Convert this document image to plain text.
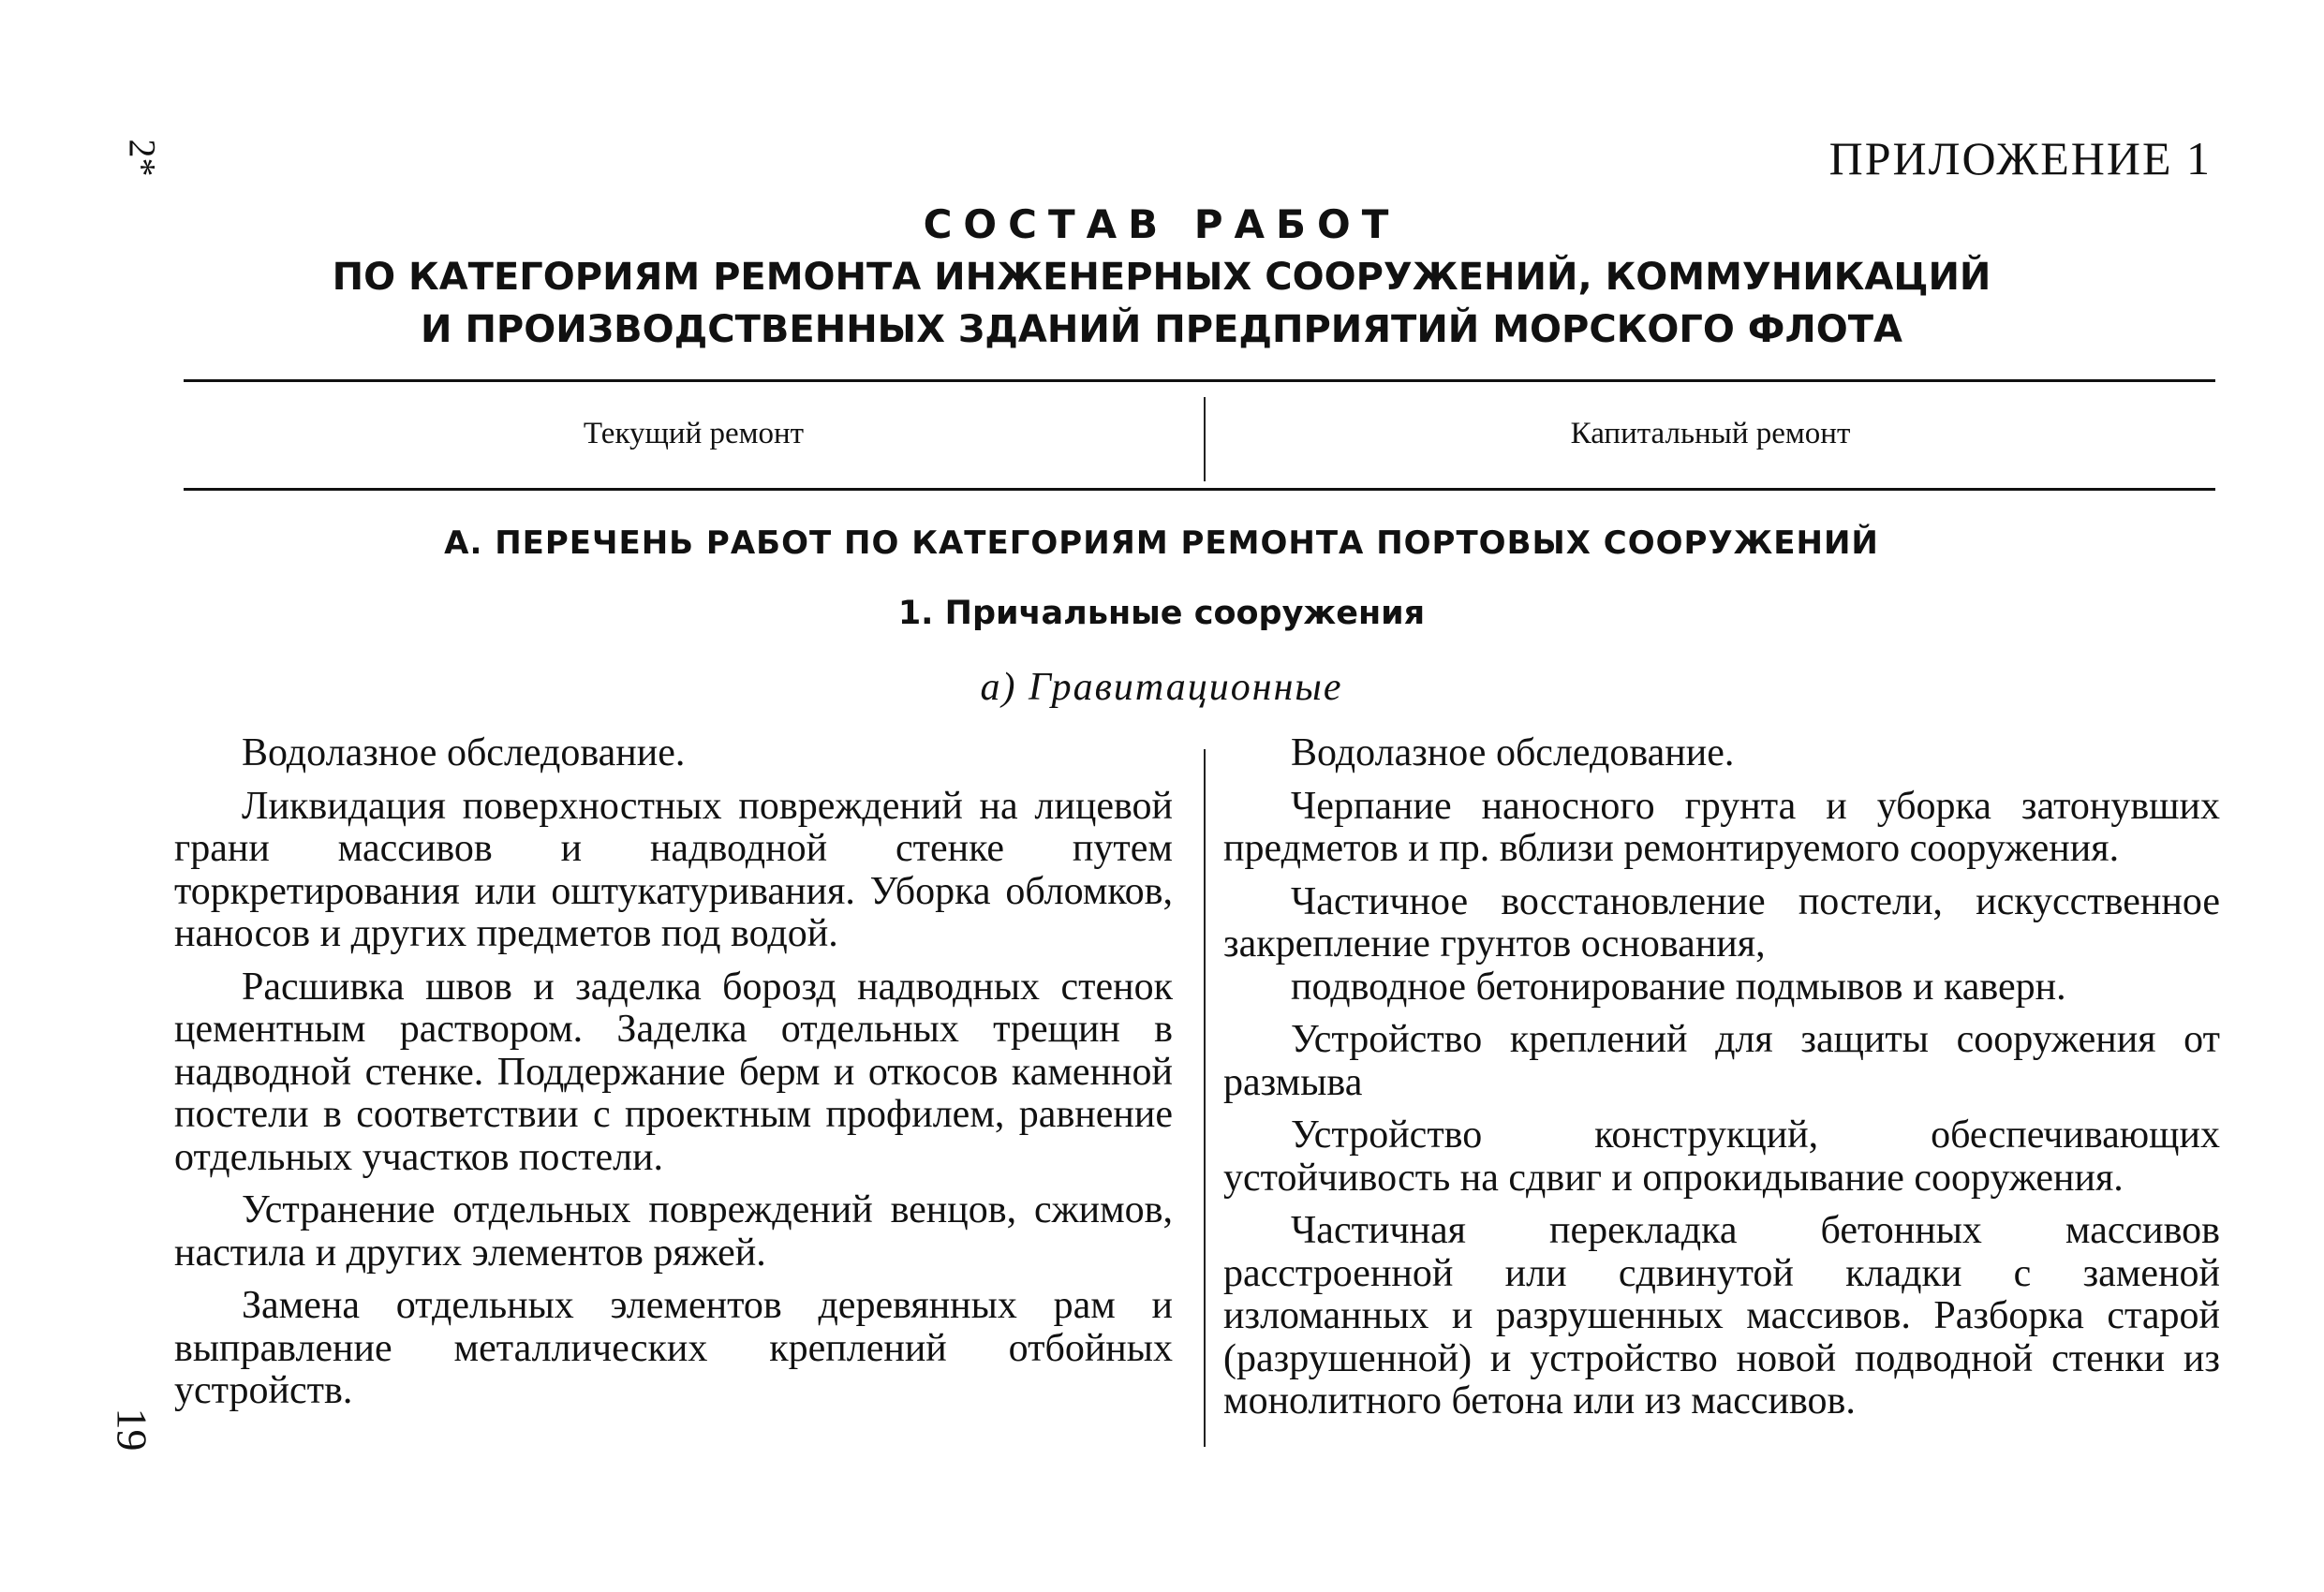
2*
19
ПРИЛОЖЕНИЕ 1
СОСТАВ РАБОТ
ПО КАТЕГОРИЯМ РЕМОНТА ИНЖЕНЕРНЫХ СООРУЖЕНИЙ, КОММУНИКАЦИЙ
И ПРОИЗВОДСТВЕННЫХ ЗДАНИЙ ПРЕДПРИЯТИЙ МОРСКОГО ФЛОТА
Текущий ремонт	Капитальный ремонт
А. ПЕРЕЧЕНЬ РАБОТ ПО КАТЕГОРИЯМ РЕМОНТА ПОРТОВЫХ СООРУЖЕНИЙ
1. Причальные сооружения
а) Гравитационные

Водолазное обследование.

Ликвидация поверхностных повреждений на лицевой грани массивов и надводной стенке путем торкретирования или оштукатуривания. Уборка обломков, наносов и других предметов под водой.

Расшивка швов и заделка борозд надводных стенок цементным раствором. Заделка отдельных трещин в надводной стенке. Поддержание берм и откосов каменной постели в соответствии с проектным профилем, равнение отдельных участков постели.

Устранение отдельных повреждений венцов, сжимов, настила и других элементов ряжей.

Замена отдельных элементов деревянных рам и выправление металлических креплений отбойных устройств.

Водолазное обследование.

Черпание наносного грунта и уборка затонувших предметов и пр. вблизи ремонтируемого сооружения.

Частичное восстановление постели, искусственное закрепление грунтов основания,

подводное бетонирование подмывов и каверн.

Устройство креплений для защиты сооружения от размыва

Устройство конструкций, обеспечивающих устойчивость на сдвиг и опрокидывание сооружения.

Частичная перекладка бетонных массивов расстроенной или сдвинутой кладки с заменой изломанных и разрушенных массивов. Разборка старой (разрушенной) и устройство новой подводной стенки из монолитного бетона или из массивов.
